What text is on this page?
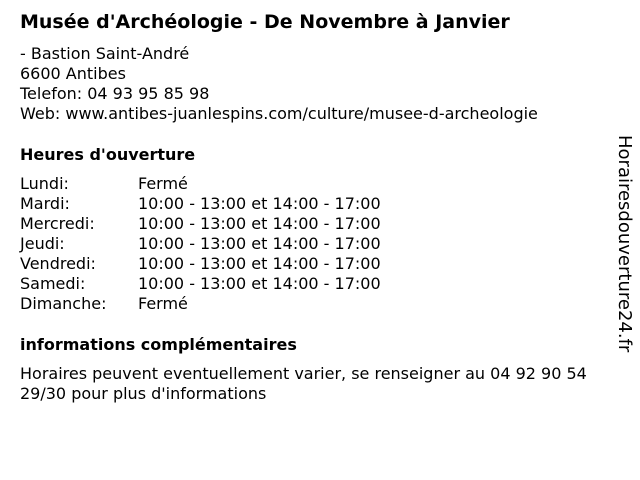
Musée d'Archéologie - De Novembre à Janvier
- Bastion Saint-André
6600 Antibes
Telefon: 04 93 95 85 98
Web: www.antibes-juanlespins.com/culture/musee-d-archeologie
Heures d'ouverture
Lundi:	Fermé
Mardi:	10:00 - 13:00 et 14:00 - 17:00
Mercredi:	10:00 - 13:00 et 14:00 - 17:00
Jeudi:	10:00 - 13:00 et 14:00 - 17:00
Vendredi:	10:00 - 13:00 et 14:00 - 17:00
Samedi:	10:00 - 13:00 et 14:00 - 17:00
Dimanche:	Fermé
informations complémentaires
Horaires peuvent eventuellement varier, se renseigner au 04 92 90 54 29/30 pour plus d'informations
Horairesdouverture24.fr
